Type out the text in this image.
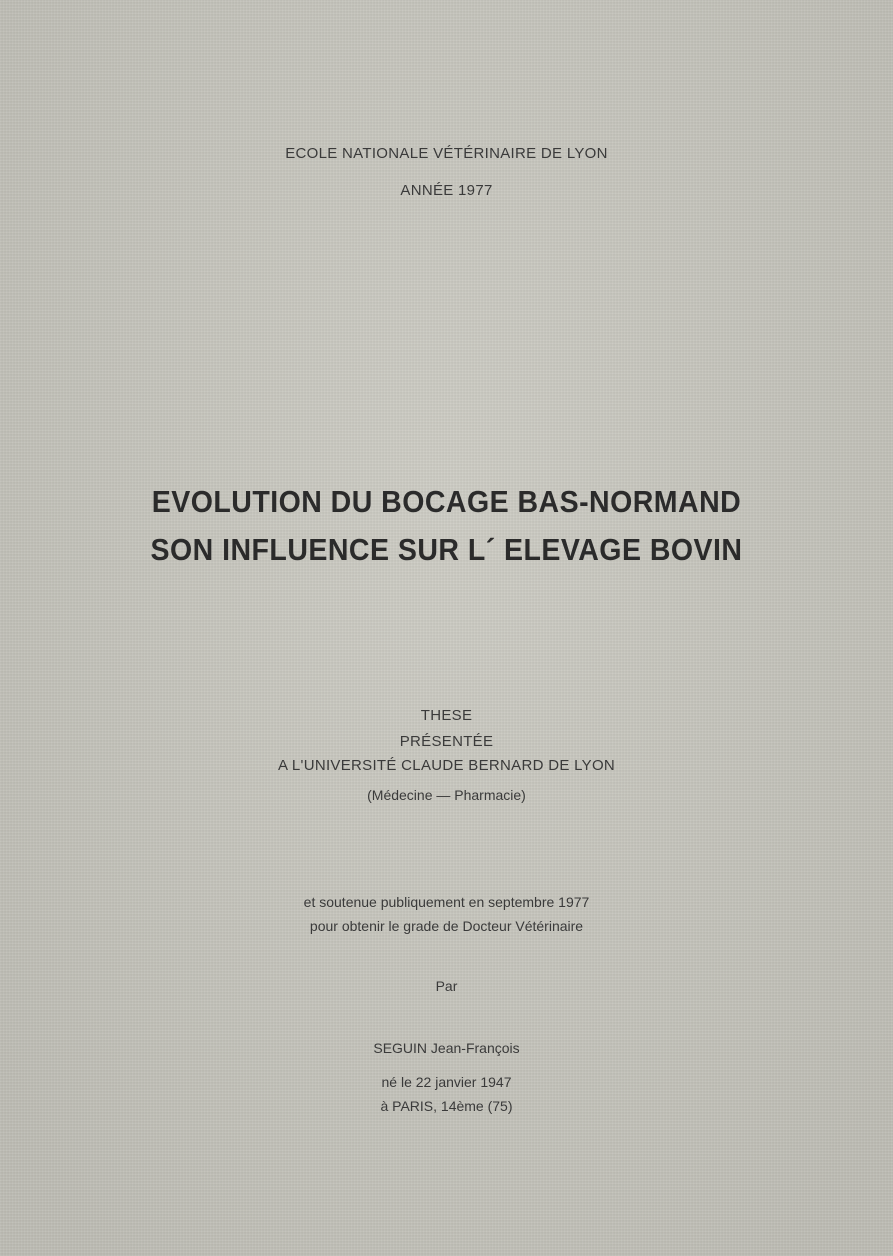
ECOLE NATIONALE VÉTÉRINAIRE DE LYON
ANNÉE 1977
EVOLUTION DU BOCAGE BAS-NORMAND
SON INFLUENCE SUR L´ ELEVAGE BOVIN
THESE
PRÉSENTÉE
A L'UNIVERSITÉ CLAUDE BERNARD DE LYON
(Médecine — Pharmacie)
et soutenue publiquement en septembre 1977
pour obtenir le grade de Docteur Vétérinaire
Par
SEGUIN Jean-François
né le 22 janvier 1947
à PARIS, 14ème (75)
